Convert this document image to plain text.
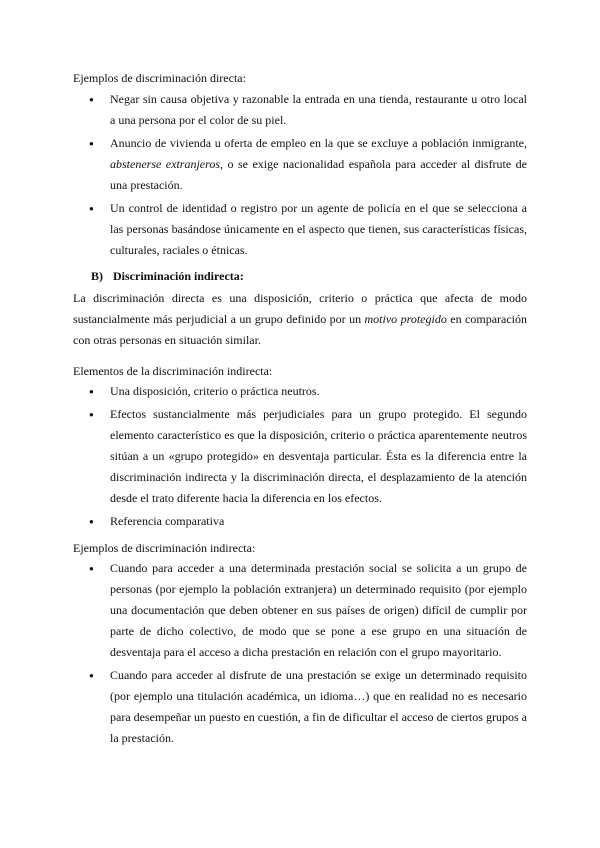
Ejemplos de discriminación directa:
● Negar sin causa objetiva y razonable la entrada en una tienda, restaurante u otro local a una persona por el color de su piel.
● Anuncio de vivienda u oferta de empleo en la que se excluye a población inmigrante, abstenerse extranjeros, o se exige nacionalidad española para acceder al disfrute de una prestación.
● Un control de identidad o registro por un agente de policía en el que se selecciona a las personas basándose únicamente en el aspecto que tienen, sus características físicas, culturales, raciales o étnicas.
B) Discriminación indirecta:
La discriminación directa es una disposición, criterio o práctica que afecta de modo sustancialmente más perjudicial a un grupo definido por un motivo protegido en comparación con otras personas en situación similar.
Elementos de la discriminación indirecta:
● Una disposición, criterio o práctica neutros.
● Efectos sustancialmente más perjudiciales para un grupo protegido. El segundo elemento característico es que la disposición, criterio o práctica aparentemente neutros sitúan a un «grupo protegido» en desventaja particular. Ésta es la diferencia entre la discriminación indirecta y la discriminación directa, el desplazamiento de la atención desde el trato diferente hacia la diferencia en los efectos.
● Referencia comparativa
Ejemplos de discriminación indirecta:
● Cuando para acceder a una determinada prestación social se solicita a un grupo de personas (por ejemplo la población extranjera) un determinado requisito (por ejemplo una documentación que deben obtener en sus países de origen) difícil de cumplir por parte de dicho colectivo, de modo que se pone a ese grupo en una situación de desventaja para el acceso a dicha prestación en relación con el grupo mayoritario.
● Cuando para acceder al disfrute de una prestación se exige un determinado requisito (por ejemplo una titulación académica, un idioma…) que en realidad no es necesario para desempeñar un puesto en cuestión, a fin de dificultar el acceso de ciertos grupos a la prestación.
